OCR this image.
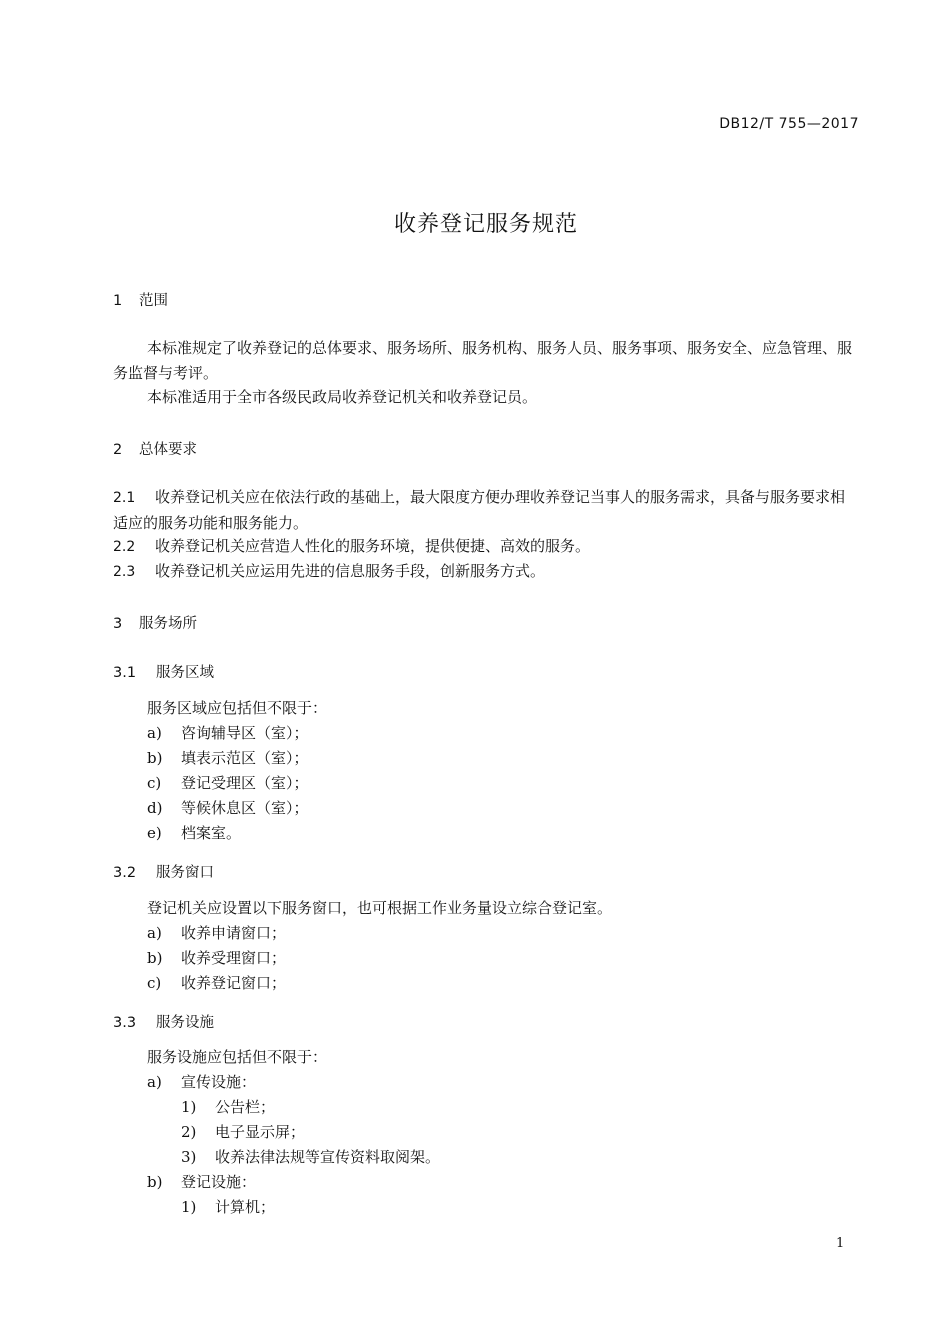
DB12/T 755—2017
收养登记服务规范
1 范围
本标准规定了收养登记的总体要求、服务场所、服务机构、服务人员、服务事项、服务安全、应急管理、服务监督与考评。
本标准适用于全市各级民政局收养登记机关和收养登记员。
2 总体要求
2.1 收养登记机关应在依法行政的基础上，最大限度方便办理收养登记当事人的服务需求，具备与服务要求相适应的服务功能和服务能力。
2.2 收养登记机关应营造人性化的服务环境，提供便捷、高效的服务。
2.3 收养登记机关应运用先进的信息服务手段，创新服务方式。
3 服务场所
3.1 服务区域
服务区域应包括但不限于：
a) 咨询辅导区（室）；
b) 填表示范区（室）；
c) 登记受理区（室）；
d) 等候休息区（室）；
e) 档案室。
3.2 服务窗口
登记机关应设置以下服务窗口，也可根据工作业务量设立综合登记室。
a) 收养申请窗口；
b) 收养受理窗口；
c) 收养登记窗口；
3.3 服务设施
服务设施应包括但不限于：
a) 宣传设施：
1) 公告栏；
2) 电子显示屏；
3) 收养法律法规等宣传资料取阅架。
b) 登记设施：
1) 计算机；
1
